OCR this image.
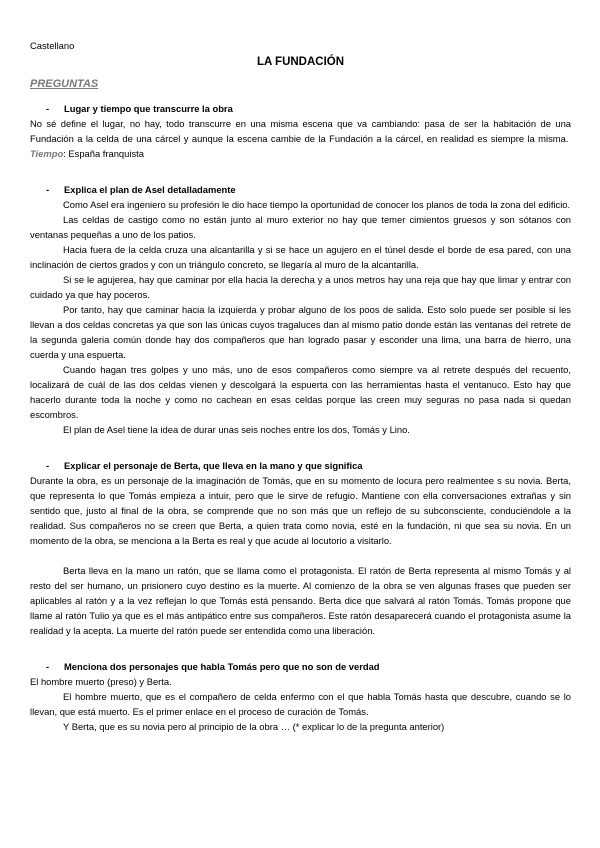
Castellano
LA FUNDACIÓN
PREGUNTAS
- Lugar y tiempo que transcurre la obra

No sé define el lugar, no hay, todo transcurre en una misma escena que va cambiando: pasa de ser la habitación de una Fundación a la celda de una cárcel y aunque la escena cambie de la Fundación a la cárcel, en realidad es siempre la misma.  Tiempo: España franquista

- Explica el plan de Asel detalladamente

Como Asel era ingeniero su profesión le dio hace tiempo la oportunidad de conocer los planos de toda la zona del edificio.

Las celdas de castigo como no están junto al muro exterior no hay que temer cimientos gruesos y son sótanos con ventanas pequeñas a uno de los patios.

Hacia fuera de la celda cruza una alcantarilla y si se hace un agujero en el túnel desde el borde de esa pared, con una inclinación de ciertos grados y con un triángulo concreto, se llegaría al muro de la alcantarilla.

Si se le agujerea, hay que caminar por ella hacia la derecha y a unos metros hay una reja que hay que limar y entrar con cuidado ya que hay poceros.

Por tanto, hay que caminar hacia la izquierda y probar alguno de los poos de salida. Esto solo puede ser posible si les llevan a dos celdas concretas ya que son las únicas cuyos tragaluces dan al mismo patio donde están las ventanas del retrete de la segunda galeria común donde hay dos compañeros que han logrado pasar y esconder una lima, una barra de hierro, una cuerda y una espuerta.

Cuando hagan tres golpes y uno más, uno de esos compañeros como siempre va al retrete después del recuento, localizará de cuál de las dos celdas vienen y descolgará la espuerta con las herramientas hasta el ventanuco. Esto hay que hacerlo durante toda la noche y como no cachean en esas celdas porque las creen muy seguras no pasa nada si quedan escombros.

El plan de Asel tiene la idea de durar unas seis noches entre los dos, Tomás y Lino.

- Explicar el personaje de Berta, que lleva en la mano y que significa

Durante la obra, es un personaje de la imaginación de Tomás, que en su momento de locura pero realmentee s su novia. Berta, que representa lo que Tomás empieza a intuir, pero que le sirve de refugio. Mantiene con ella conversaciones extrañas y sin sentido que, justo al final de la obra, se comprende que no son más que un reflejo de su subconsciente, conduciéndole a la realidad. Sus compañeros no se creen que Berta, a quien trata como novia, esté en la fundación, ni que sea su novia. En un momento de la obra, se menciona a la Berta es real y que acude al locutorio a visitarlo.

Berta lleva en la mano un ratón, que se llama como el protagonista. El ratón de Berta representa al mismo Tomás y al resto del ser humano, un prisionero cuyo destino es la muerte. Al comienzo de la obra se ven algunas frases que pueden ser aplicables al ratón y a la vez reflejan lo que Tomás está pensando. Berta dice que salvará al ratón Tomás. Tomás propone que llame al ratón Tulio ya que es el más antipático entre sus compañeros. Este ratón desaparecerá cuando el protagonista asume la realidad y la acepta. La muerte del ratón puede ser entendida como una liberación.

- Menciona dos personajes que habla Tomás pero que no son de verdad

El hombre muerto (preso) y Berta.

El hombre muerto, que es el compañero de celda enfermo con el que habla Tomás hasta que descubre, cuando se lo llevan, que está muerto. Es el primer enlace en el proceso de curación de Tomás.

Y Berta, que es su novia pero al principio de la obra … (* explicar lo de la pregunta anterior)
